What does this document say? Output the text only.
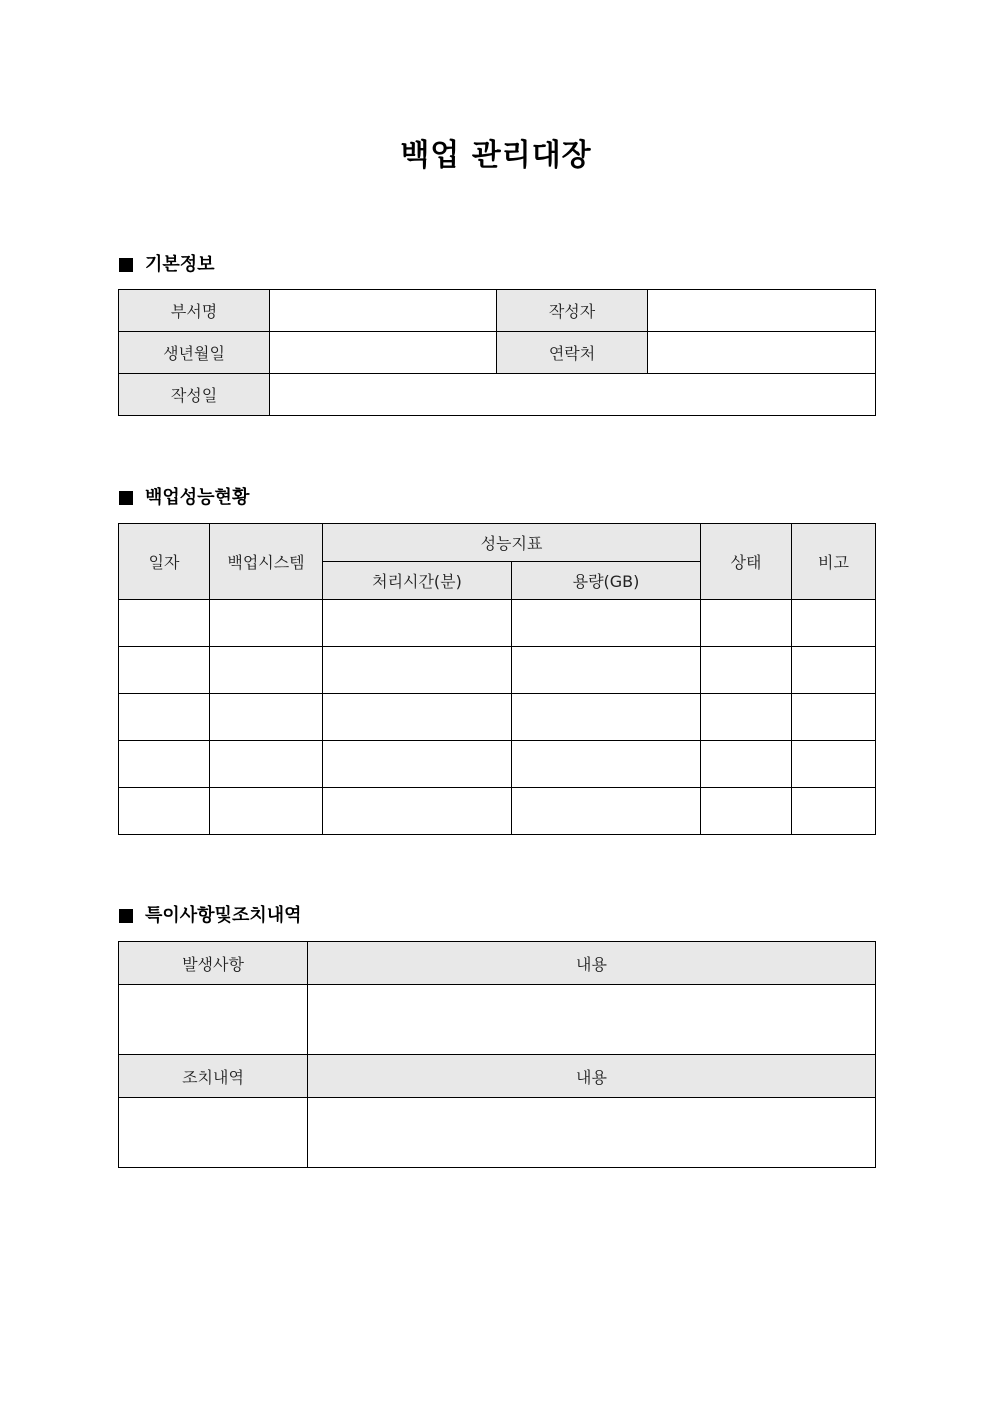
백업 관리대장
기본정보
부서명		작성자	
생년월일		연락처	
작성일			
백업성능현황
일자	백업시스템	성능지표		상태	비고
		처리시간(분)	용량(GB)		

특이사항및조치내역
발생사항	내용

조치내역	내용
